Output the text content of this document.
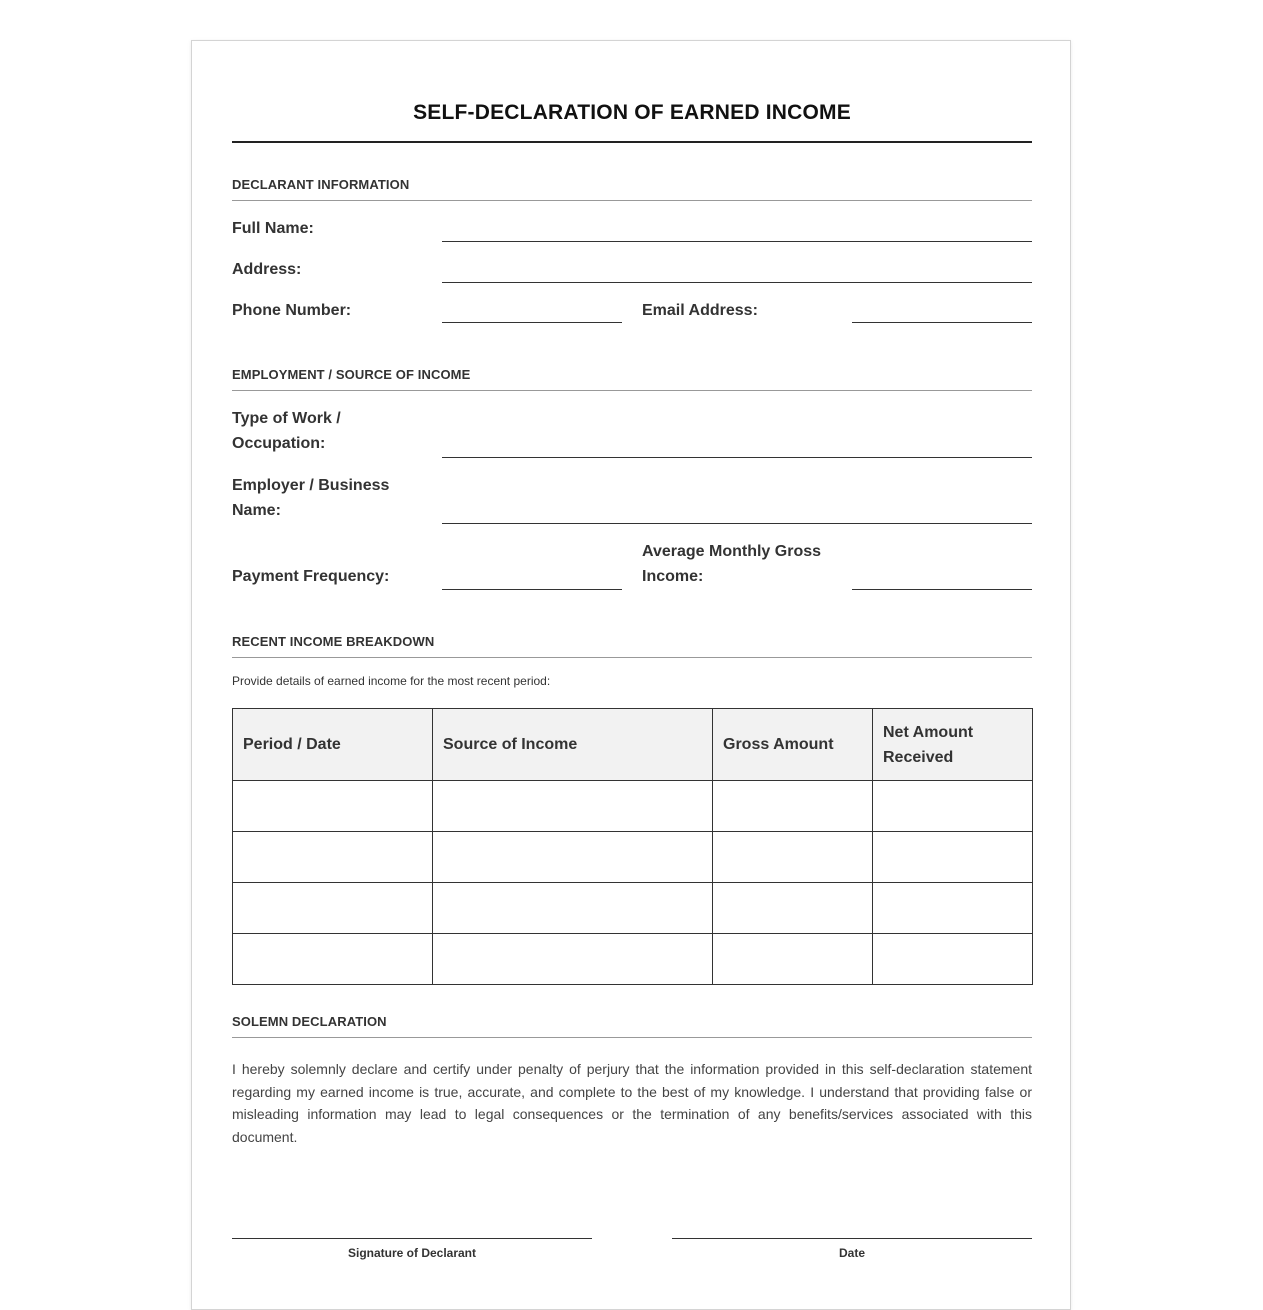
SELF-DECLARATION OF EARNED INCOME
DECLARANT INFORMATION
Full Name:
Address:
Phone Number:	Email Address:
EMPLOYMENT / SOURCE OF INCOME
Type of Work /
Occupation:
Employer / Business
Name:
Payment Frequency:
Average Monthly Gross
Income:
RECENT INCOME BREAKDOWN
Provide details of earned income for the most recent period:
Period / Date	Source of Income	Gross Amount	Net Amount Received

SOLEMN DECLARATION
I hereby solemnly declare and certify under penalty of perjury that the information provided in this self-declaration statement regarding my earned income is true, accurate, and complete to the best of my knowledge. I understand that providing false or misleading information may lead to legal consequences or the termination of any benefits/services associated with this document.
Signature of Declarant	Date
